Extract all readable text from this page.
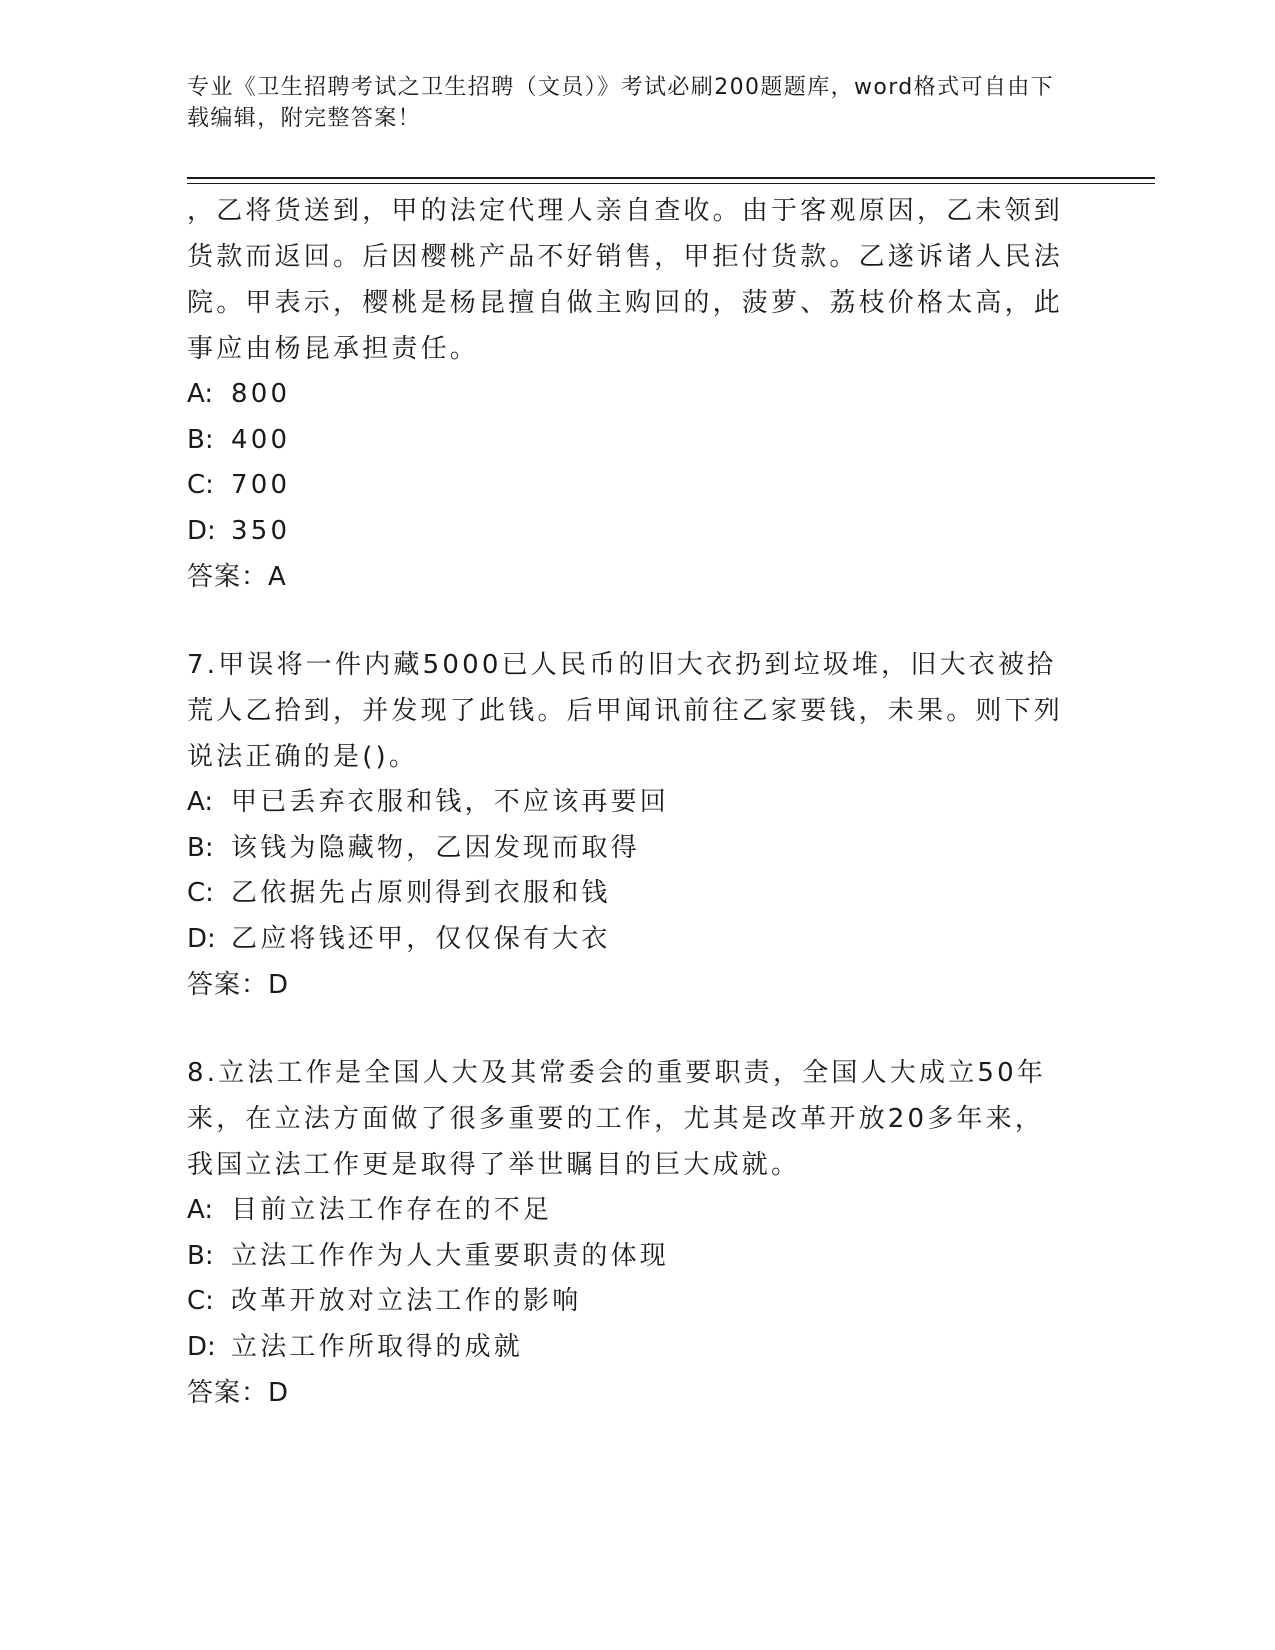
专业《卫生招聘考试之卫生招聘（文员）》考试必刷200题题库，word格式可自由下载编辑，附完整答案！
，乙将货送到，甲的法定代理人亲自查收。由于客观原因，乙未领到货款而返回。后因樱桃产品不好销售，甲拒付货款。乙遂诉诸人民法院。甲表示，樱桃是杨昆擅自做主购回的，菠萝、荔枝价格太高，此事应由杨昆承担责任。
A: 800
B: 400
C: 700
D: 350
答案：A
7.甲误将一件内藏5000已人民币的旧大衣扔到垃圾堆，旧大衣被拾荒人乙拾到，并发现了此钱。后甲闻讯前往乙家要钱，未果。则下列说法正确的是()。
A: 甲已丢弃衣服和钱，不应该再要回
B: 该钱为隐藏物，乙因发现而取得
C: 乙依据先占原则得到衣服和钱
D: 乙应将钱还甲，仅仅保有大衣
答案：D
8.立法工作是全国人大及其常委会的重要职责，全国人大成立50年来，在立法方面做了很多重要的工作，尤其是改革开放20多年来，我国立法工作更是取得了举世瞩目的巨大成就。
A: 目前立法工作存在的不足
B: 立法工作作为人大重要职责的体现
C: 改革开放对立法工作的影响
D: 立法工作所取得的成就
答案：D
